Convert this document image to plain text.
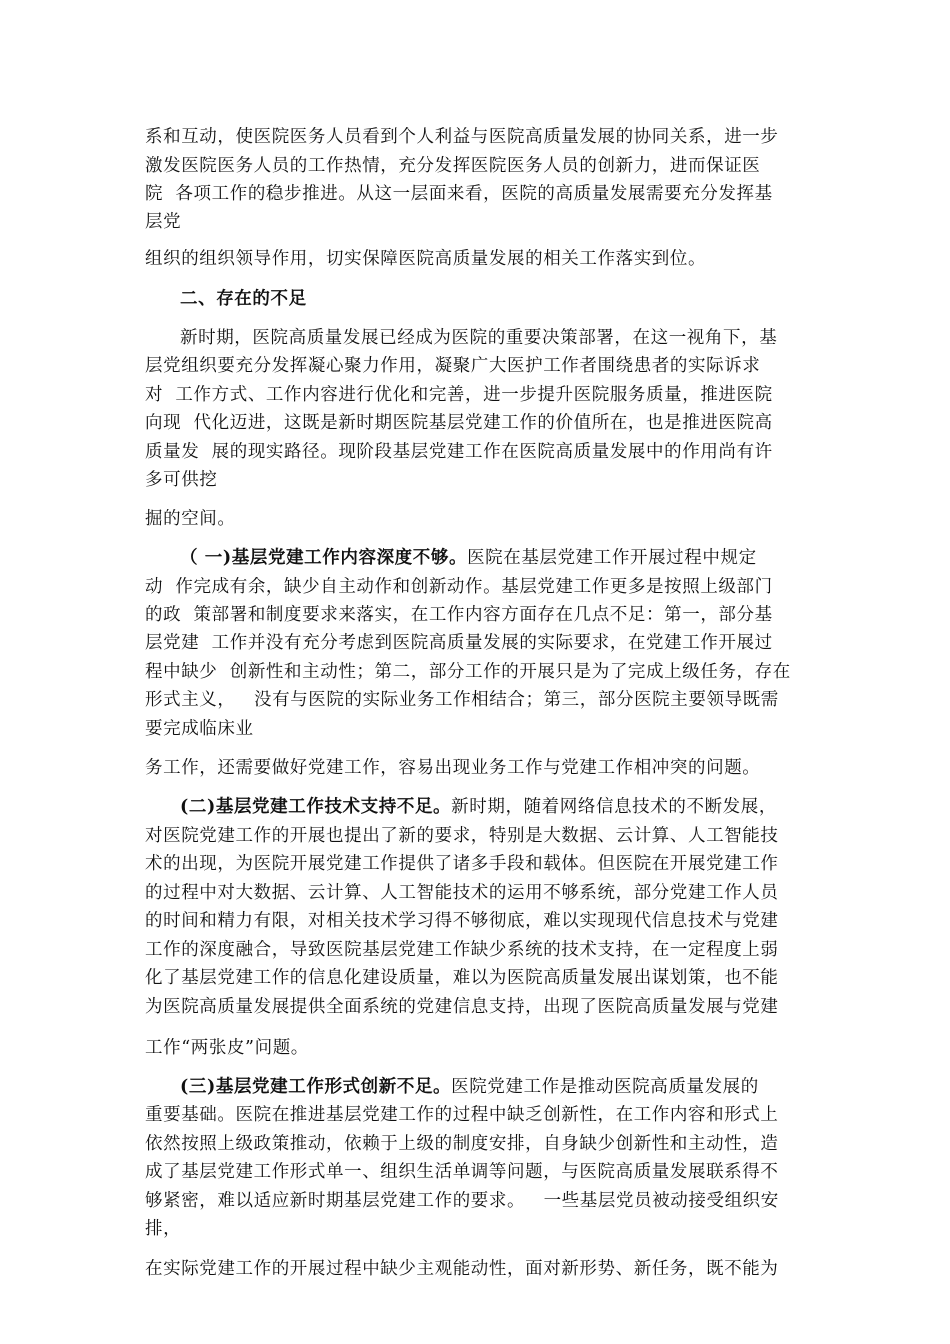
系和互动，使医院医务人员看到个人利益与医院高质量发展的协同关系，进一步
激发医院医务人员的工作热情，充分发挥医院医务人员的创新力，进而保证医
院  各项工作的稳步推进。从这一层面来看，医院的高质量发展需要充分发挥基
层党
组织的组织领导作用，切实保障医院高质量发展的相关工作落实到位。
二、存在的不足
新时期，医院高质量发展已经成为医院的重要决策部署，在这一视角下，基
层党组织要充分发挥凝心聚力作用，凝聚广大医护工作者围绕患者的实际诉求
对  工作方式、工作内容进行优化和完善，进一步提升医院服务质量，推进医院
向现  代化迈进，这既是新时期医院基层党建工作的价值所在，也是推进医院高
质量发  展的现实路径。现阶段基层党建工作在医院高质量发展中的作用尚有许
多可供挖
掘的空间。
（ 一)基层党建工作内容深度不够。医院在基层党建工作开展过程中规定
动  作完成有余，缺少自主动作和创新动作。基层党建工作更多是按照上级部门
的政  策部署和制度要求来落实，在工作内容方面存在几点不足：第一，部分基
层党建  工作并没有充分考虑到医院高质量发展的实际要求，在党建工作开展过
程中缺少  创新性和主动性；第二，部分工作的开展只是为了完成上级任务，存在
形式主义，   没有与医院的实际业务工作相结合；第三，部分医院主要领导既需
要完成临床业
务工作，还需要做好党建工作，容易出现业务工作与党建工作相冲突的问题。
(二)基层党建工作技术支持不足。新时期，随着网络信息技术的不断发展，
对医院党建工作的开展也提出了新的要求，特别是大数据、云计算、人工智能技
术的出现，为医院开展党建工作提供了诸多手段和载体。但医院在开展党建工作
的过程中对大数据、云计算、人工智能技术的运用不够系统，部分党建工作人员
的时间和精力有限，对相关技术学习得不够彻底，难以实现现代信息技术与党建
工作的深度融合，导致医院基层党建工作缺少系统的技术支持，在一定程度上弱
化了基层党建工作的信息化建设质量，难以为医院高质量发展出谋划策，也不能
为医院高质量发展提供全面系统的党建信息支持，出现了医院高质量发展与党建
工作“两张皮”问题。
(三)基层党建工作形式创新不足。医院党建工作是推动医院高质量发展的
重要基础。医院在推进基层党建工作的过程中缺乏创新性，在工作内容和形式上
依然按照上级政策推动，依赖于上级的制度安排，自身缺少创新性和主动性，造
成了基层党建工作形式单一、组织生活单调等问题，与医院高质量发展联系得不
够紧密，难以适应新时期基层党建工作的要求。   一些基层党员被动接受组织安
排，
在实际党建工作的开展过程中缺少主观能动性，面对新形势、新任务，既不能为
